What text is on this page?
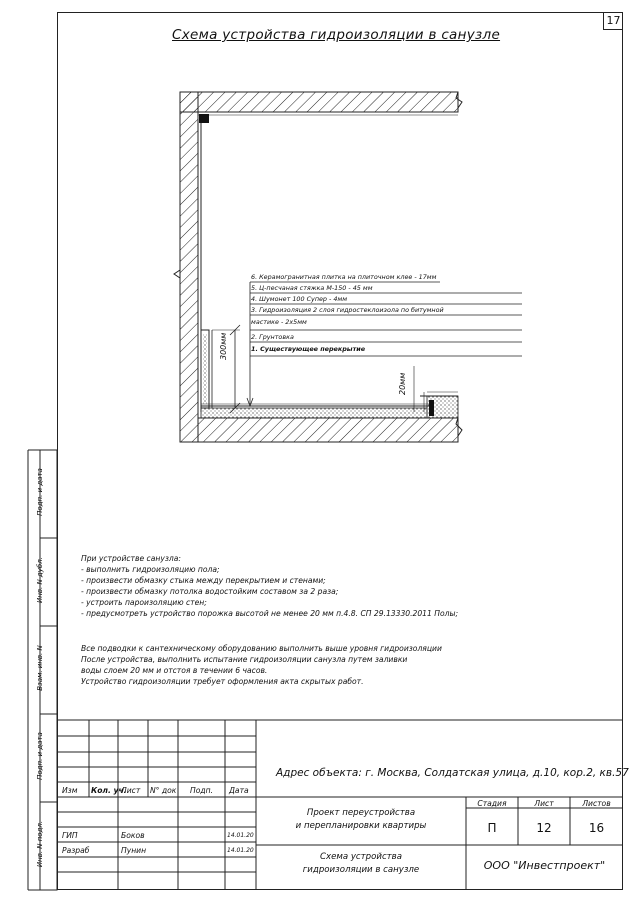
17
Схема устройства гидроизоляции в санузле
300мм
20мм
6. Керамогранитная плитка на плиточном клее - 17мм
5. Ц-песчаная стяжка М-150 - 45 мм
4. Шумонет 100 Супер - 4мм
3. Гидроизоляция 2 слоя гидростеклоизола по битумной
мастике - 2х5мм
2. Грунтовка
1. Существующее перекрытие
При устройстве санузла:
- выполнить гидроизоляцию пола;
- произвести обмазку стыка между перекрытием и стенами;
- произвести обмазку потолка водостойким составом за 2 раза;
- устроить пароизоляцию стен;
- предусмотреть устройство порожка высотой не менее 20 мм п.4.8. СП 29.13330.2011 Полы;
Все подводки к сантехническому оборудованию выполнить выше уровня гидроизоляции
После устройства, выполнить испытание гидроизоляции санузла путем заливки
воды слоем 20 мм и отстоя в течении 6 часов.
Устройство гидроизоляции требует оформления акта скрытых работ.
Подп. и дата
Инв. N дубл.
Взам. инв. N
Подп. и дата
Инв. N подл.
Адрес объекта: г. Москва, Солдатская улица, д.10, кор.2, кв.57
Изм Кол. уч.
Лист N° док Подп. Дата
ГИП	Боков	14.01.20
Разраб	Пунин	14.01.20
Проект переустройства
и перепланировки квартиры
Стадия	Лист	Листов
П	12	16
Схема устройства
гидроизоляции в санузле	ООО "Инвестпроект"
